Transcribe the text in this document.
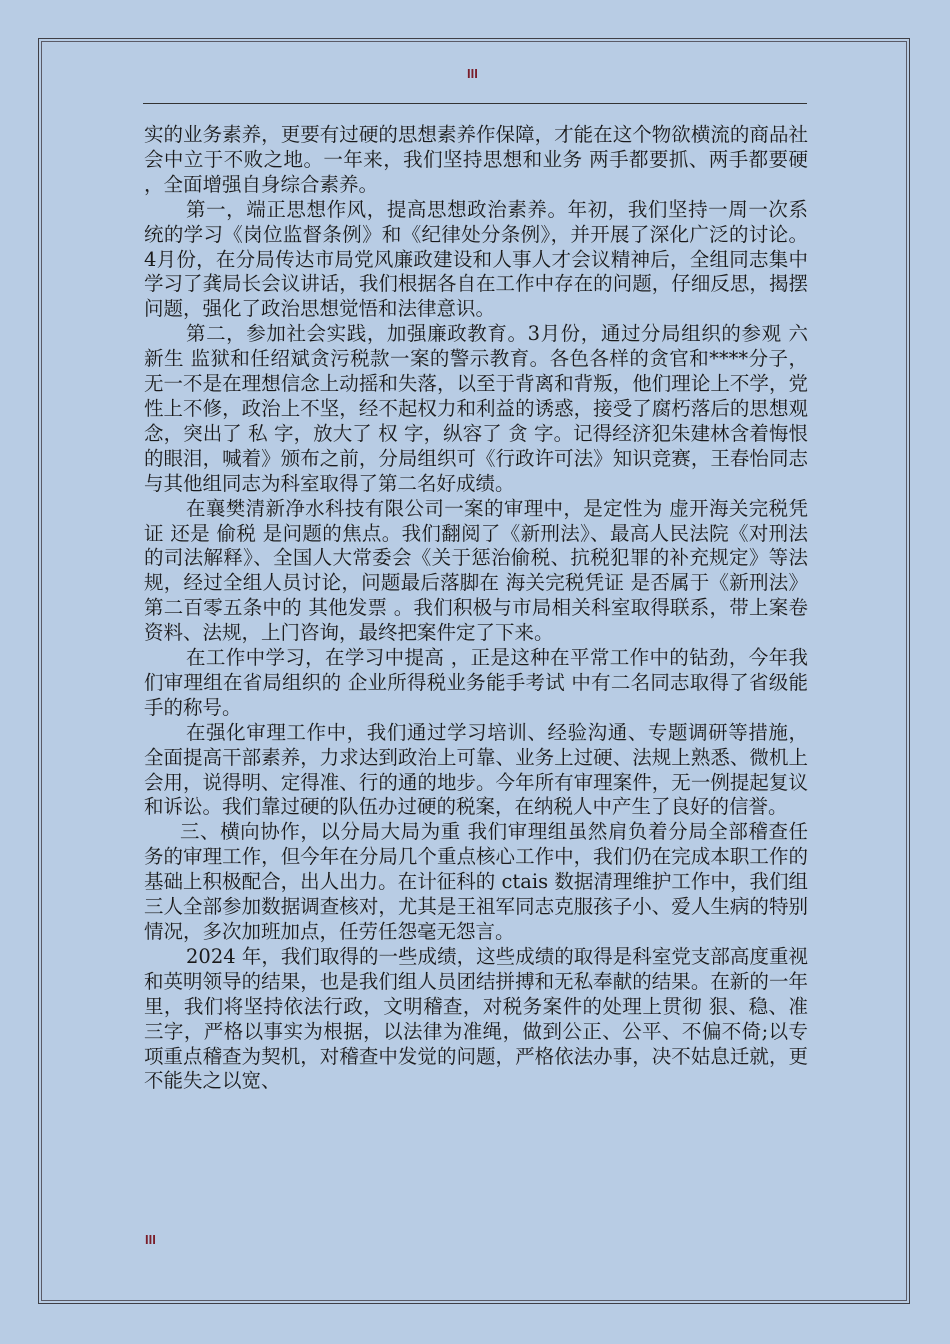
III

实的业务素养，更要有过硬的思想素养作保障，才能在这个物欲横流的商品社会中立于不败之地。一年来，我们坚持思想和业务 两手都要抓、两手都要硬 ，全面增强自身综合素养。

第一，端正思想作风，提高思想政治素养。年初，我们坚持一周一次系统的学习《岗位监督条例》和《纪律处分条例》，并开展了深化广泛的讨论。4月份，在分局传达市局党风廉政建设和人事人才会议精神后，全组同志集中学习了龚局长会议讲话，我们根据各自在工作中存在的问题，仔细反思，揭摆问题，强化了政治思想觉悟和法律意识。

第二，参加社会实践，加强廉政教育。3月份，通过分局组织的参观 六新生 监狱和任绍斌贪污税款一案的警示教育。各色各样的贪官和****分子，无一不是在理想信念上动摇和失落，以至于背离和背叛，他们理论上不学，党性上不修，政治上不坚，经不起权力和利益的诱惑，接受了腐朽落后的思想观念，突出了 私 字，放大了 权 字，纵容了 贪 字。记得经济犯朱建林含着悔恨的眼泪，喊着》颁布之前，分局组织可《行政许可法》知识竞赛，王春怡同志与其他组同志为科室取得了第二名好成绩。

在襄樊清新净水科技有限公司一案的审理中，是定性为 虚开海关完税凭证 还是 偷税 是问题的焦点。我们翻阅了《新刑法》、最高人民法院《对刑法的司法解释》、全国人大常委会《关于惩治偷税、抗税犯罪的补充规定》等法规，经过全组人员讨论，问题最后落脚在 海关完税凭证 是否属于《新刑法》第二百零五条中的 其他发票 。我们积极与市局相关科室取得联系，带上案卷资料、法规，上门咨询，最终把案件定了下来。

在工作中学习，在学习中提高 ，正是这种在平常工作中的钻劲，今年我们审理组在省局组织的 企业所得税业务能手考试 中有二名同志取得了省级能手的称号。

在强化审理工作中，我们通过学习培训、经验沟通、专题调研等措施，全面提高干部素养，力求达到政治上可靠、业务上过硬、法规上熟悉、微机上会用，说得明、定得准、行的通的地步。今年所有审理案件，无一例提起复议和诉讼。我们靠过硬的队伍办过硬的税案，在纳税人中产生了良好的信誉。

三、横向协作，以分局大局为重 我们审理组虽然肩负着分局全部稽查任务的审理工作，但今年在分局几个重点核心工作中，我们仍在完成本职工作的基础上积极配合，出人出力。在计征科的 ctais 数据清理维护工作中，我们组三人全部参加数据调查核对，尤其是王祖军同志克服孩子小、爱人生病的特别情况，多次加班加点，任劳任怨毫无怨言。

2024 年，我们取得的一些成绩，这些成绩的取得是科室党支部高度重视和英明领导的结果，也是我们组人员团结拼搏和无私奉献的结果。在新的一年里，我们将坚持依法行政，文明稽查，对税务案件的处理上贯彻 狠、稳、准 三字，严格以事实为根据，以法律为准绳，做到公正、公平、不偏不倚;以专项重点稽查为契机，对稽查中发觉的问题，严格依法办事，决不姑息迁就，更不能失之以宽、

III
